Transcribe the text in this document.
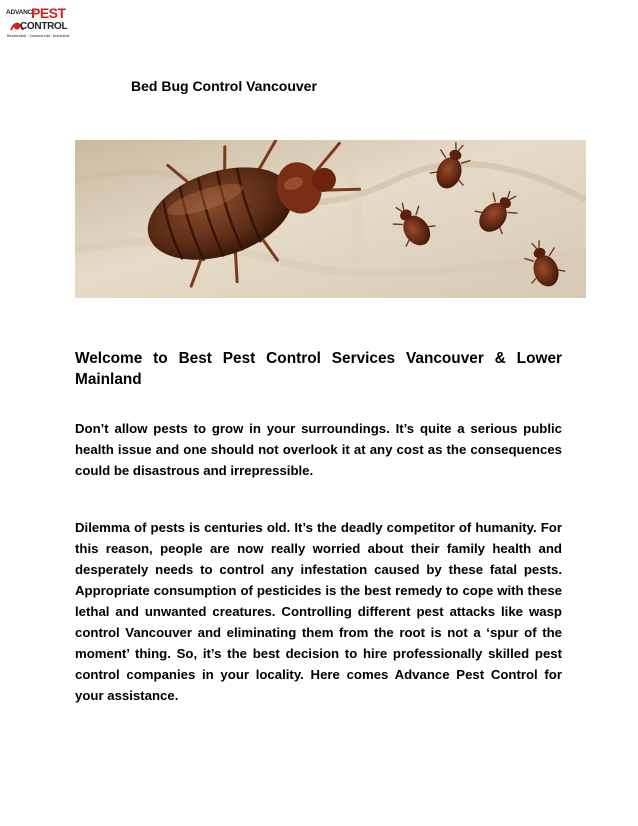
ADVANCE
PEST
CONTROL
Residential · Commercial · Industrial
Bed Bug Control Vancouver
Welcome to Best Pest Control Services Vancouver & Lower Mainland

Don’t allow pests to grow in your surroundings. It’s quite a serious public health issue and one should not overlook it at any cost as the consequences could be disastrous and irrepressible.

Dilemma of pests is centuries old. It’s the deadly competitor of humanity. For this reason, people are now really worried about their family health and desperately needs to control any infestation caused by these fatal pests. Appropriate consumption of pesticides is the best remedy to cope with these lethal and unwanted creatures. Controlling different pest attacks like wasp control Vancouver and eliminating them from the root is not a ‘spur of the moment’ thing. So, it’s the best decision to hire professionally skilled pest control companies in your locality. Here comes Advance Pest Control for your assistance.
